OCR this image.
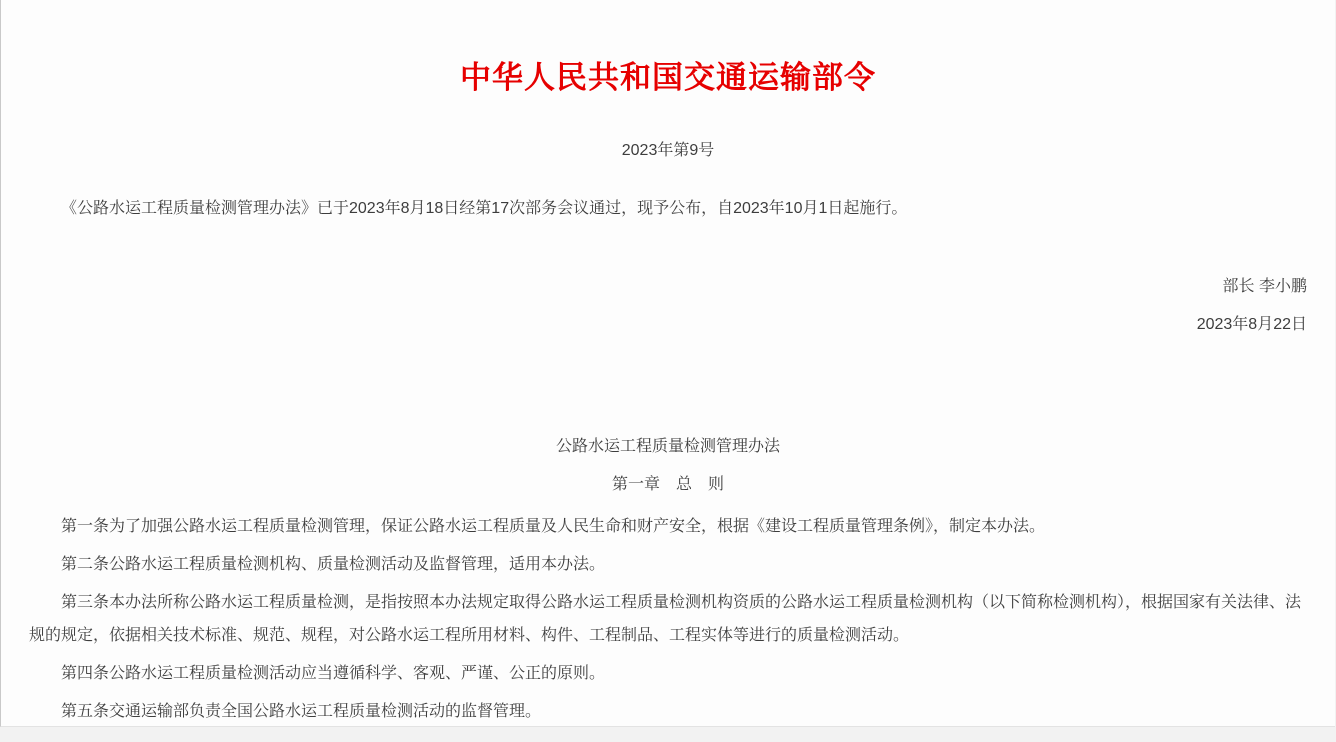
中华人民共和国交通运输部令

2023年第9号

《公路水运工程质量检测管理办法》已于2023年8月18日经第17次部务会议通过，现予公布，自2023年10月1日起施行。

部长 李小鹏

2023年8月22日

公路水运工程质量检测管理办法
第一章　总　则

第一条为了加强公路水运工程质量检测管理，保证公路水运工程质量及人民生命和财产安全，根据《建设工程质量管理条例》，制定本办法。

第二条公路水运工程质量检测机构、质量检测活动及监督管理，适用本办法。

第三条本办法所称公路水运工程质量检测，是指按照本办法规定取得公路水运工程质量检测机构资质的公路水运工程质量检测机构（以下简称检测机构），根据国家有关法律、法规的规定，依据相关技术标准、规范、规程，对公路水运工程所用材料、构件、工程制品、工程实体等进行的质量检测活动。

第四条公路水运工程质量检测活动应当遵循科学、客观、严谨、公正的原则。

第五条交通运输部负责全国公路水运工程质量检测活动的监督管理。
